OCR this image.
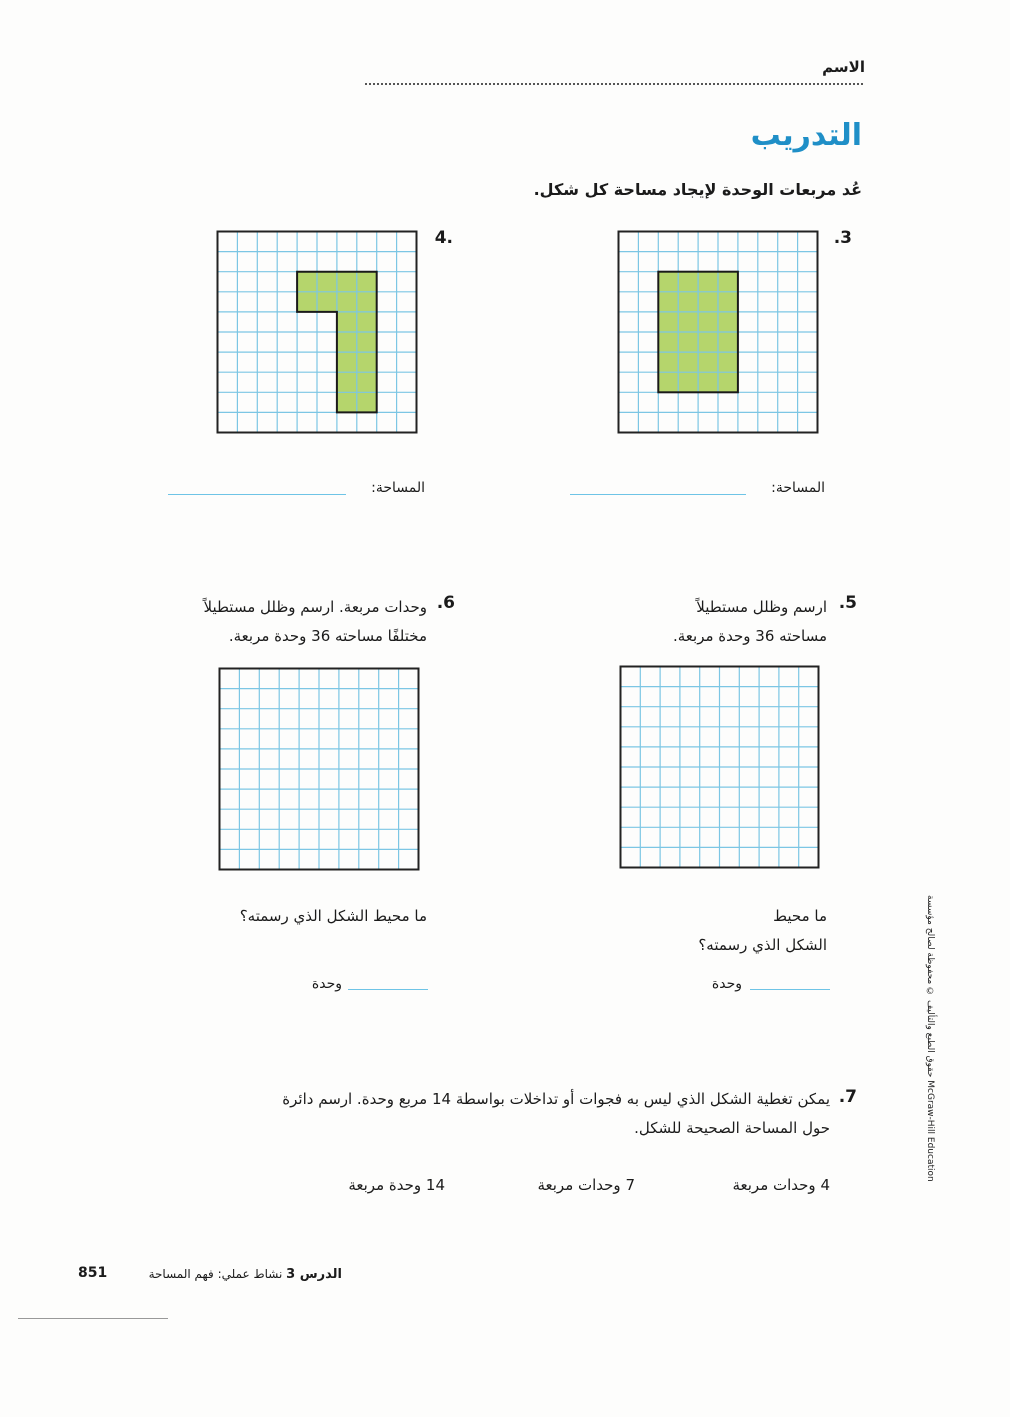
الاسم
التدريب
عُد مربعات الوحدة لإيجاد مساحة كل شكل.
3.
المساحة:
.4
المساحة:
5.
ارسم وظلل مستطيلاً
مساحته 36 وحدة مربعة.
ما محيط
الشكل الذي رسمته؟
وحدة
6.
وحدات مربعة. ارسم وظلل مستطيلاً
مختلفًا مساحته 36 وحدة مربعة.
ما محيط الشكل الذي رسمته؟
وحدة
7.
يمكن تغطية الشكل الذي ليس به فجوات أو تداخلات بواسطة 14 مربع وحدة. ارسم دائرة
حول المساحة الصحيحة للشكل.
4 وحدات مربعة
7 وحدات مربعة
14 وحدة مربعة
851	الدرس 3 نشاط عملي: فهم المساحة
حقوق الطبع والتأليف © محفوظة لصالح مؤسسة McGraw-Hill Education
